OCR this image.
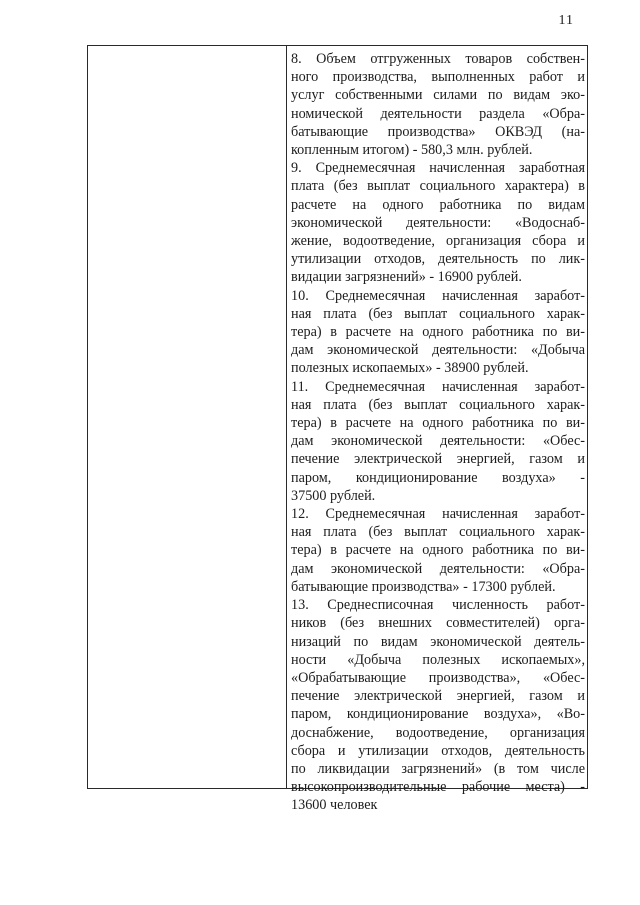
11

8. Объем отгруженных товаров собствен-

ного производства, выполненных работ и

услуг собственными силами по видам эко-

номической деятельности раздела «Обра-

батывающие производства» ОКВЭД (на-

копленным итогом) - 580,3 млн. рублей.

9. Среднемесячная начисленная заработная

плата (без выплат социального характера) в

расчете на одного работника по видам

экономической деятельности: «Водоснаб-

жение, водоотведение, организация сбора и

утилизации отходов, деятельность по лик-

видации загрязнений» - 16900 рублей.

10. Среднемесячная начисленная заработ-

ная плата (без выплат социального харак-

тера) в расчете на одного работника по ви-

дам экономической деятельности: «Добыча

полезных ископаемых» - 38900 рублей.

11. Среднемесячная начисленная заработ-

ная плата (без выплат социального харак-

тера) в расчете на одного работника по ви-

дам экономической деятельности: «Обес-

печение электрической энергией, газом и

паром, кондиционирование воздуха» -

37500 рублей.

12. Среднемесячная начисленная заработ-

ная плата (без выплат социального харак-

тера) в расчете на одного работника по ви-

дам экономической деятельности: «Обра-

батывающие производства» - 17300 рублей.

13. Среднесписочная численность работ-

ников (без внешних совместителей) орга-

низаций по видам экономической деятель-

ности «Добыча полезных ископаемых»,

«Обрабатывающие производства», «Обес-

печение электрической энергией, газом и

паром, кондиционирование воздуха», «Во-

доснабжение, водоотведение, организация

сбора и утилизации отходов, деятельность

по ликвидации загрязнений» (в том числе

высокопроизводительные рабочие места) -

13600 человек
